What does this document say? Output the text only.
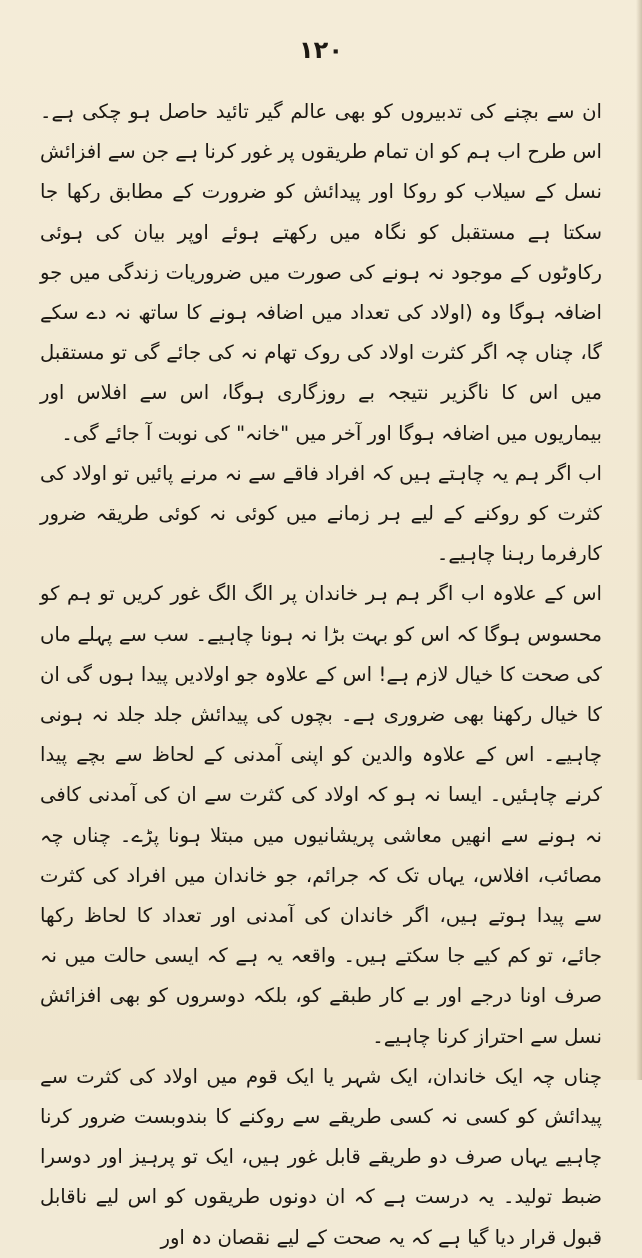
١٢٠

ان سے بچنے کی تدبیروں کو بھی عالم گیر تائید حاصل ہو چکی ہے۔ اس طرح اب ہم کو ان تمام طریقوں پر غور کرنا ہے جن سے افزائش نسل کے سیلاب کو روکا اور پیدائش کو ضرورت کے مطابق رکھا جا سکتا ہے مستقبل کو نگاہ میں رکھتے ہوئے اوپر بیان کی ہوئی رکاوٹوں کے موجود نہ ہونے کی صورت میں ضروریات زندگی میں جو اضافہ ہوگا وہ (اولاد کی تعداد میں اضافہ ہونے کا ساتھ نہ دے سکے گا، چناں چہ اگر کثرت اولاد کی روک تھام نہ کی جائے گی تو مستقبل میں اس کا ناگزیر نتیجہ بے روزگاری ہوگا، اس سے افلاس اور بیماریوں میں اضافہ ہوگا اور آخر میں "خانہ" کی نوبت آ جائے گی۔

اب اگر ہم یہ چاہتے ہیں کہ افراد فاقے سے نہ مرنے پائیں تو اولاد کی کثرت کو روکنے کے لیے ہر زمانے میں کوئی نہ کوئی طریقہ ضرور کارفرما رہنا چاہیے۔

اس کے علاوہ اب اگر ہم ہر خاندان پر الگ الگ غور کریں تو ہم کو محسوس ہوگا کہ اس کو بہت بڑا نہ ہونا چاہیے۔ سب سے پہلے ماں کی صحت کا خیال لازم ہے! اس کے علاوہ جو اولادیں پیدا ہوں گی ان کا خیال رکھنا بھی ضروری ہے۔ بچوں کی پیدائش جلد جلد نہ ہونی چاہیے۔ اس کے علاوہ والدین کو اپنی آمدنی کے لحاظ سے بچے پیدا کرنے چاہئیں۔ ایسا نہ ہو کہ اولاد کی کثرت سے ان کی آمدنی کافی نہ ہونے سے انھیں معاشی پریشانیوں میں مبتلا ہونا پڑے۔ چناں چہ مصائب، افلاس، یہاں تک کہ جرائم، جو خاندان میں افراد کی کثرت سے پیدا ہوتے ہیں، اگر خاندان کی آمدنی اور تعداد کا لحاظ رکھا جائے، تو کم کیے جا سکتے ہیں۔ واقعہ یہ ہے کہ ایسی حالت میں نہ صرف اونا درجے اور بے کار طبقے کو، بلکہ دوسروں کو بھی افزائش نسل سے احتراز کرنا چاہیے۔

چناں چہ ایک خاندان، ایک شہر یا ایک قوم میں اولاد کی کثرت سے پیدائش کو کسی نہ کسی طریقے سے روکنے کا بندوبست ضرور کرنا چاہیے یہاں صرف دو طریقے قابل غور ہیں، ایک تو پرہیز اور دوسرا ضبط تولید۔ یہ درست ہے کہ ان دونوں طریقوں کو اس لیے ناقابل قبول قرار دیا گیا ہے کہ یہ صحت کے لیے نقصان دہ اور
